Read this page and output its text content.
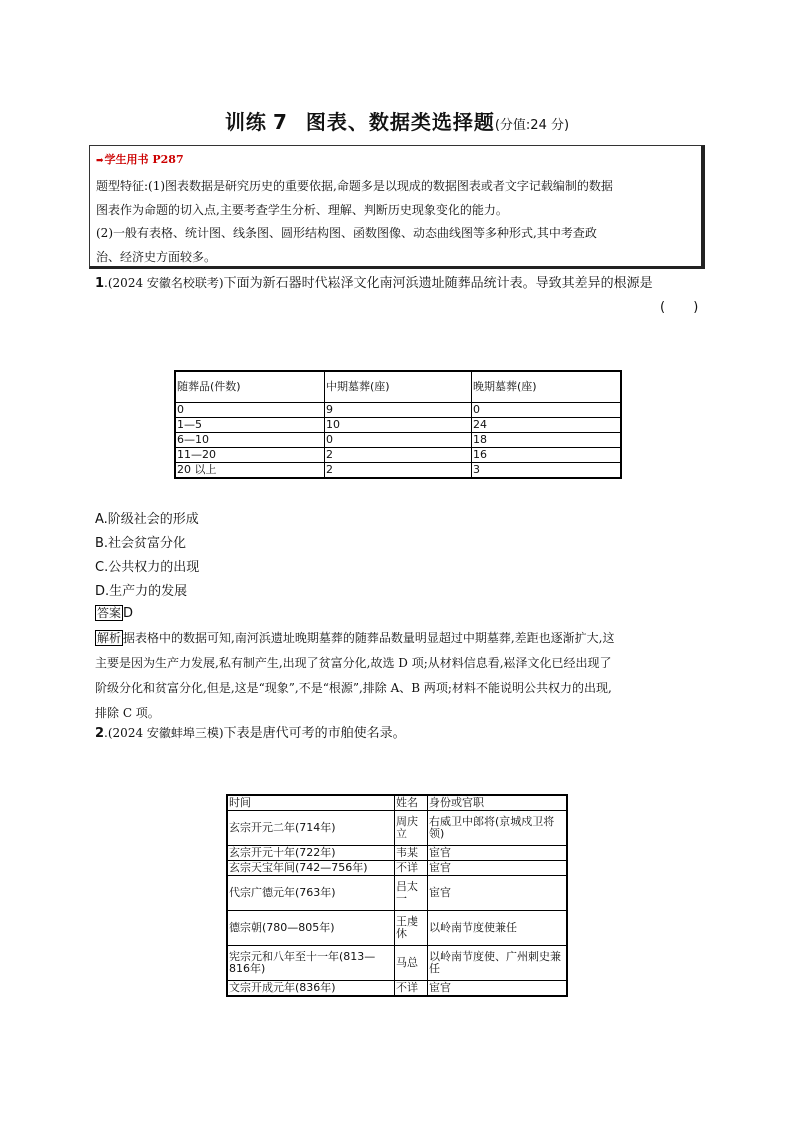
训练 7 图表、数据类选择题(分值:24 分)
➡学生用书 P287

题型特征:(1)图表数据是研究历史的重要依据,命题多是以现成的数据图表或者文字记载编制的数据

图表作为命题的切入点,主要考查学生分析、理解、判断历史现象变化的能力。

(2)一般有表格、统计图、线条图、圆形结构图、函数图像、动态曲线图等多种形式,其中考查政

治、经济史方面较多。

1.(2024 安徽名校联考)下面为新石器时代崧泽文化南河浜遗址随葬品统计表。导致其差异的根源是
( )
随葬品(件数)	中期墓葬(座)	晚期墓葬(座)
0	9	0
1—5	10	24
6—10	0	18
11—20	2	16
20 以上	2	3
A.阶级社会的形成
B.社会贫富分化
C.公共权力的出现
D.生产力的发展
答案 D

解析 据表格中的数据可知,南河浜遗址晚期墓葬的随葬品数量明显超过中期墓葬,差距也逐渐扩大,这

主要是因为生产力发展,私有制产生,出现了贫富分化,故选 D 项;从材料信息看,崧泽文化已经出现了

阶级分化和贫富分化,但是,这是“现象”,不是“根源”,排除 A、B 两项;材料不能说明公共权力的出现,

排除 C 项。

2.(2024 安徽蚌埠三模)下表是唐代可考的市舶使名录。
时间	姓名	身份或官职
玄宗开元二年(714年)	周庆立	右威卫中郎将(京城戍卫将领)
玄宗开元十年(722年)	韦某	宦官
玄宗天宝年间(742—756年)	不详	宦官
代宗广德元年(763年)	吕太一	宦官
德宗朝(780—805年)	王虔休	以岭南节度使兼任
宪宗元和八年至十一年(813—816年)	马总	以岭南节度使、广州刺史兼任
文宗开成元年(836年)	不详	宦官
